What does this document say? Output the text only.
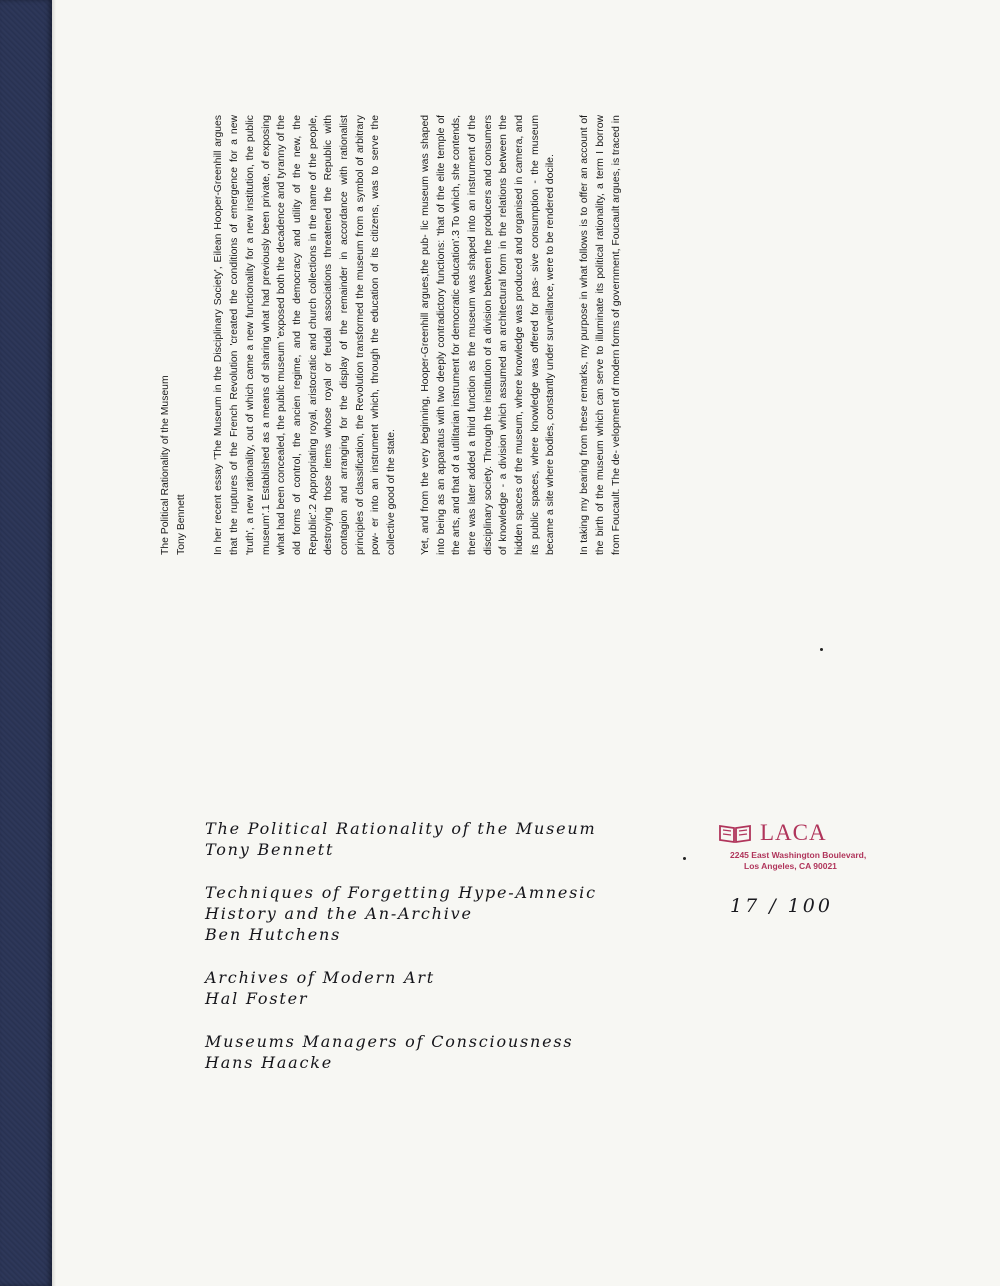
The Political Rationality of the Museum Tony Bennett	In her recent essay 'The Museum in the Disciplinary Society', Eilean Hooper-Greenhill argues that the ruptures of the French Revolution 'created the conditions of emergence for a new 'truth', a new rationality, out of which came a new functionality for a new institution, the public museum'.1 Established as a means of sharing what had previously been private, of exposing what had been concealed, the public museum 'exposed both the decadence and tyranny of the old forms of control, the ancien regime, and the democracy and utility of the new, the Republic'.2 Appropriating royal, aristocratic and church collections in the name of the people, destroying those items whose royal or feudal associations threatened the Republic with contagion and arranging for the display of the remainder in accordance with rationalist principles of classification, the Revolution transformed the museum from a symbol of arbitrary pow- er into an instrument which, through the education of its citizens, was to serve the collective good of the state. Yet, and from the very beginning, Hooper-Greenhill argues,the pub- lic museum was shaped into being as an apparatus with two deeply contradictory functions: 'that of the elite temple of the arts, and that of a utilitarian instrument for democratic education'.3 To which, she contends, there was later added a third function as the museum was shaped into an instrument of the disciplinary society. Through the institution of a division between the producers and consumers of knowledge - a division which assumed an architectural form in the relations between the hidden spaces of the museum, where knowledge was produced and organised in camera, and its public spaces, where knowledge was offered for pas- sive consumption - the museum became a site where bodies, constantly under surveillance, were to be rendered docile. In taking my bearing from these remarks, my purpose in what follows is to offer an account of the birth of the museum which can serve to illuminate its political rationality, a term I borrow from Foucault. The de- velopment of modern forms of government, Foucault argues, is traced in

The Political Rationality of the Museum
Tony Bennett
Techniques of Forgetting Hype-Amnesic
History and the An-Archive
Ben Hutchens
Archives of Modern Art
Hal Foster
Museums Managers of Consciousness
Hans Haacke
LACA
2245 East Washington Boulevard,
Los Angeles, CA 90021
17 / 100
